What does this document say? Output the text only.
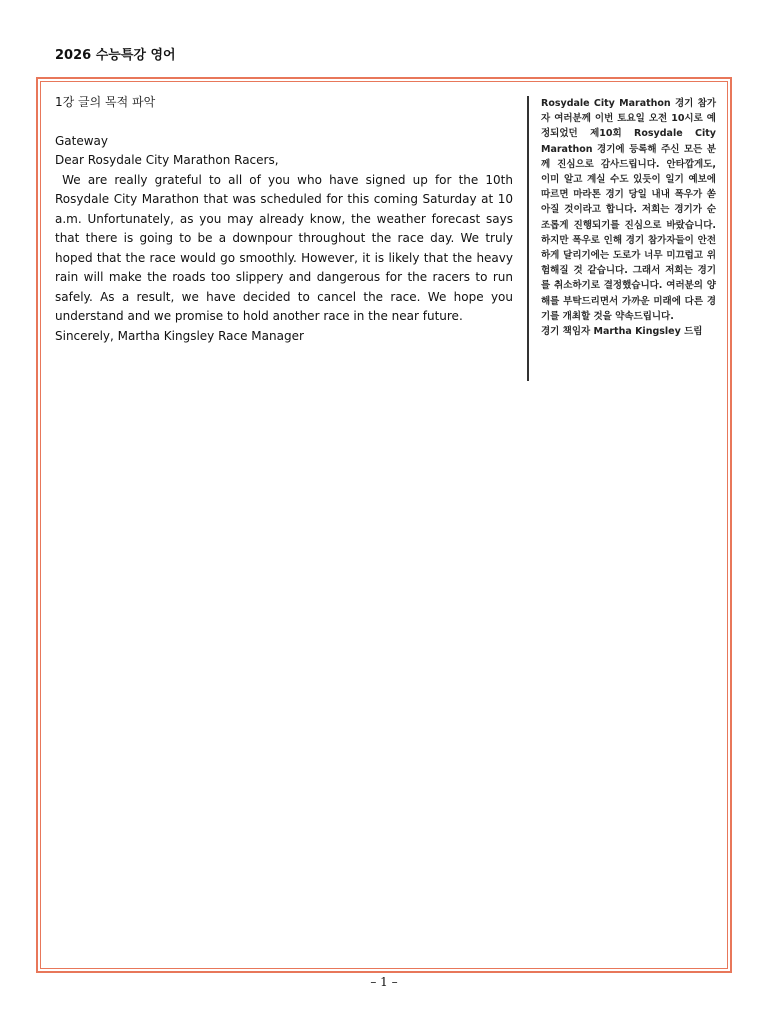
2026 수능특강 영어
1강 글의 목적 파악
Gateway
Dear Rosydale City Marathon Racers,
We are really grateful to all of you who have signed up for the 10th Rosydale City Marathon that was scheduled for this coming Saturday at 10 a.m. Unfortunately, as you may already know, the weather forecast says that there is going to be a downpour throughout the race day. We truly hoped that the race would go smoothly. However, it is likely that the heavy rain will make the roads too slippery and dangerous for the racers to run safely. As a result, we have decided to cancel the race. We hope you understand and we promise to hold another race in the near future.
Sincerely, Martha Kingsley Race Manager
Rosydale City Marathon 경기 참가자 여러분께 이번 토요일 오전 10시로 예정되었던 제10회 Rosydale City Marathon 경기에 등록해 주신 모든 분께 진심으로 감사드립니다. 안타깝게도, 이미 알고 계실 수도 있듯이 일기 예보에 따르면 마라톤 경기 당일 내내 폭우가 쏟아질 것이라고 합니다. 저희는 경기가 순조롭게 진행되기를 진심으로 바랐습니다. 하지만 폭우로 인해 경기 참가자들이 안전하게 달리기에는 도로가 너무 미끄럽고 위험해질 것 같습니다. 그래서 저희는 경기를 취소하기로 결정했습니다. 여러분의 양해를 부탁드리면서 가까운 미래에 다른 경기를 개최할 것을 약속드립니다.
경기 책임자 Martha Kingsley 드림
– 1 –
